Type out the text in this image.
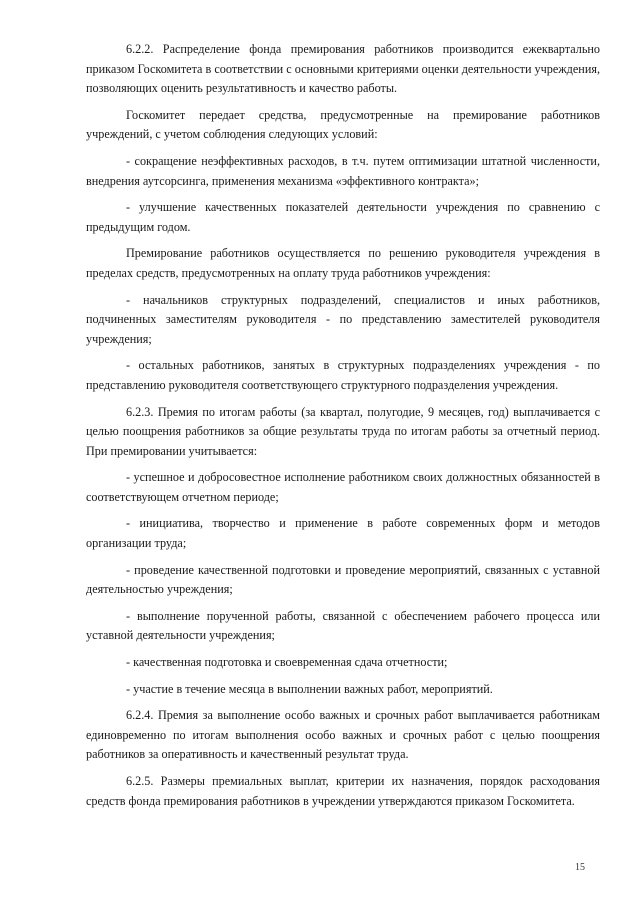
6.2.2. Распределение фонда премирования работников производится ежеквартально приказом Госкомитета в соответствии с основными критериями оценки деятельности учреждения, позволяющих оценить результативность и качество работы.

Госкомитет передает средства, предусмотренные на премирование работников учреждений, с учетом соблюдения следующих условий:

- сокращение неэффективных расходов, в т.ч. путем оптимизации штатной численности, внедрения аутсорсинга, применения механизма «эффективного контракта»;

- улучшение качественных показателей деятельности учреждения по сравнению с предыдущим годом.

Премирование работников осуществляется по решению руководителя учреждения в пределах средств, предусмотренных на оплату труда работников учреждения:

- начальников структурных подразделений, специалистов и иных работников, подчиненных заместителям руководителя - по представлению заместителей руководителя учреждения;

- остальных работников, занятых в структурных подразделениях учреждения - по представлению руководителя соответствующего структурного подразделения учреждения.

6.2.3. Премия по итогам работы (за квартал, полугодие, 9 месяцев, год) выплачивается с целью поощрения работников за общие результаты труда по итогам работы за отчетный период. При премировании учитывается:

- успешное и добросовестное исполнение работником своих должностных обязанностей в соответствующем отчетном периоде;

- инициатива, творчество и применение в работе современных форм и методов организации труда;

- проведение качественной подготовки и проведение мероприятий, связанных с уставной деятельностью учреждения;

- выполнение порученной работы, связанной с обеспечением рабочего процесса или уставной деятельности учреждения;

- качественная подготовка и своевременная сдача отчетности;

- участие в течение месяца в выполнении важных работ, мероприятий.

6.2.4. Премия за выполнение особо важных и срочных работ выплачивается работникам единовременно по итогам выполнения особо важных и срочных работ с целью поощрения работников за оперативность и качественный результат труда.

6.2.5. Размеры премиальных выплат, критерии их назначения, порядок расходования средств фонда премирования работников в учреждении утверждаются приказом Госкомитета.

15
